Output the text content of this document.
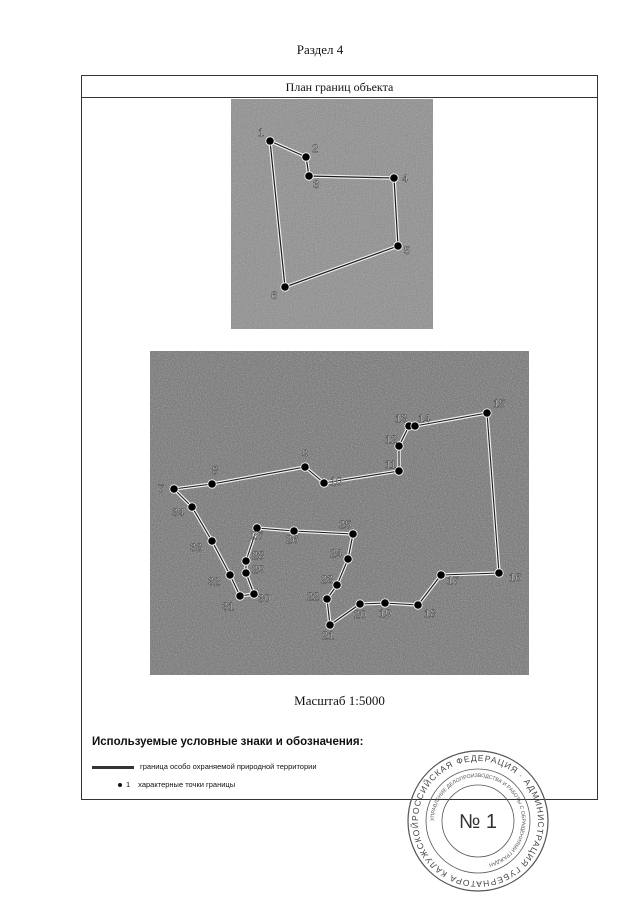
Раздел 4
План границ объекта
1
2
3	4
5
6
7
8
9
10
11
12
13 14
15
16
17
18
19
20
21
22
23
24
25
26
27
28
29
30
31
32
33
34
Масштаб 1:5000
Используемые условные знаки и обозначения:
граница особо охраняемой природной территории
1 характерные точки границы
РОССИЙСКАЯ ФЕДЕРАЦИЯ · АДМИНИСТРАЦИЯ ГУБЕРНАТОРА КАЛУЖСКОЙ
УПРАВЛЕНИЕ ДЕЛОПРОИЗВОДСТВА И РАБОТЫ С ОБРАЩЕНИЯМИ ГРАЖДАН
№ 1
